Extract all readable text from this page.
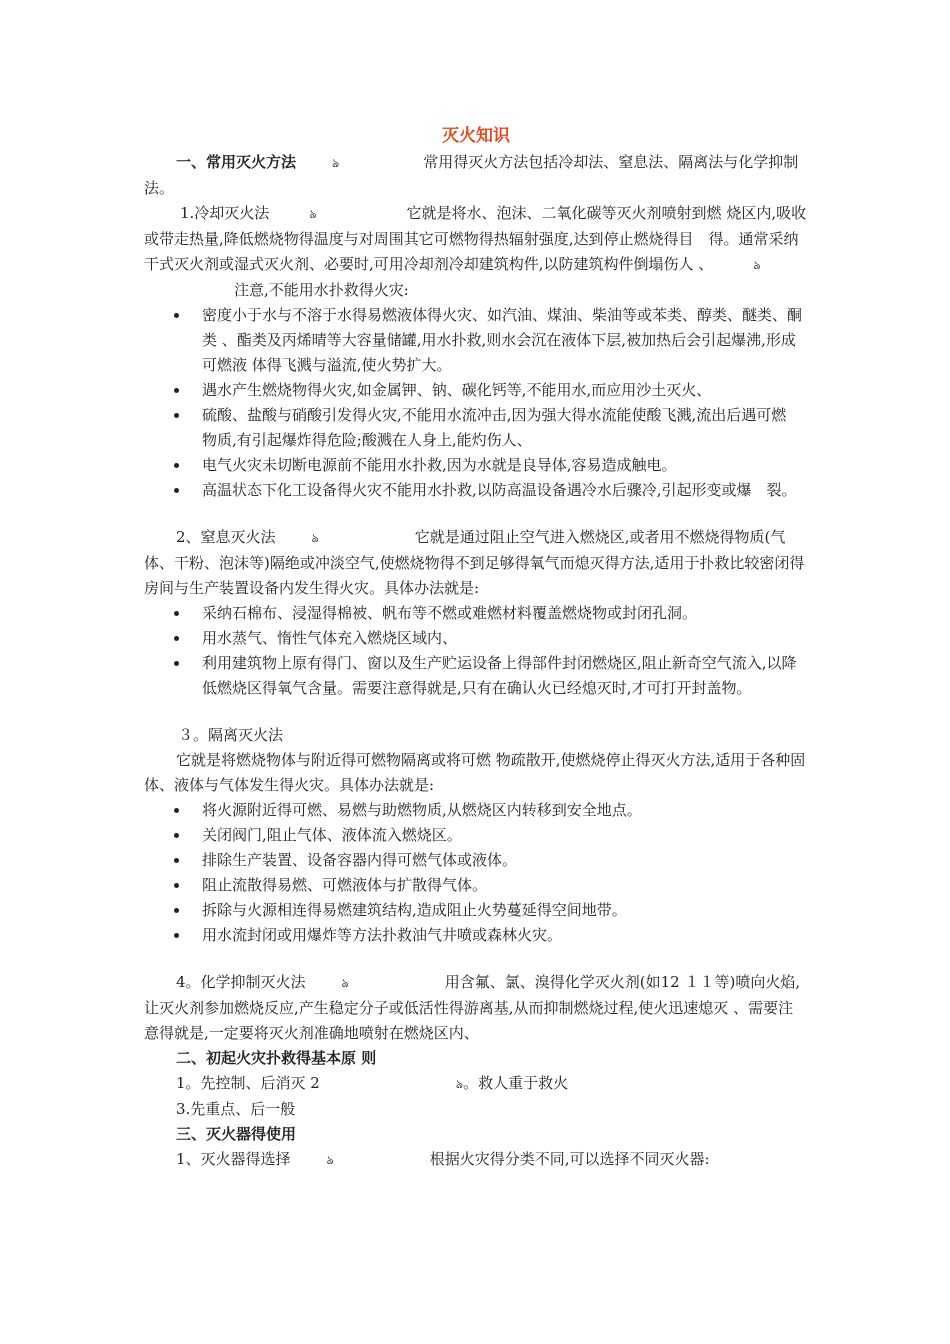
灭火知识

一、常用灭火方法	ঌ	常用得灭火方法包括冷却法、窒息法、隔离法与化学抑制法。

1.冷却灭火法	ঌ	它就是将水、泡沫、二氧化碳等灭火剂喷射到燃 烧区内,吸收或带走热量,降低燃烧物得温度与对周围其它可燃物得热辐射强度,达到停止燃烧得目　得。通常采纳干式灭火剂或湿式灭火剂、必要时,可用冷却剂冷却建筑构件,以防建筑构件倒塌伤人 、	ঌ注意,不能用水扑救得火灾:

密度小于水与不溶于水得易燃液体得火灾、如汽油、煤油、柴油等或苯类、醇类、醚类、酮类 、酯类及丙烯晴等大容量储罐,用水扑救,则水会沉在液体下层,被加热后会引起爆沸,形成可燃液 体得飞溅与溢流,使火势扩大。
遇水产生燃烧物得火灾,如金属钾、钠、碳化钙等,不能用水,而应用沙土灭火、
硫酸、盐酸与硝酸引发得火灾,不能用水流冲击,因为强大得水流能使酸飞溅,流出后遇可燃　物质,有引起爆炸得危险;酸溅在人身上,能灼伤人、
电气火灾未切断电源前不能用水扑救,因为水就是良导体,容易造成触电。
高温状态下化工设备得火灾不能用水扑救,以防高温设备遇冷水后骤冷,引起形变或爆　裂。

2、窒息灭火法	ঌ	它就是通过阻止空气进入燃烧区,或者用不燃烧得物质(气体、干粉、泡沫等)隔绝或冲淡空气,使燃烧物得不到足够得氧气而熄灭得方法,适用于扑救比较密闭得房间与生产装置设备内发生得火灾。具体办法就是:

采纳石棉布、浸湿得棉被、帆布等不燃或难燃材料覆盖燃烧物或封闭孔洞。
用水蒸气、惰性气体充入燃烧区域内、
利用建筑物上原有得门、窗以及生产贮运设备上得部件封闭燃烧区,阻止新奇空气流入,以降 低燃烧区得氧气含量。需要注意得就是,只有在确认火已经熄灭时,才可打开封盖物。

３。隔离灭火法

它就是将燃烧物体与附近得可燃物隔离或将可燃 物疏散开,使燃烧停止得灭火方法,适用于各种固体、液体与气体发生得火灾。具体办法就是:

将火源附近得可燃、易燃与助燃物质,从燃烧区内转移到安全地点。
关闭阀门,阻止气体、液体流入燃烧区。
排除生产装置、设备容器内得可燃气体或液体。
阻止流散得易燃、可燃液体与扩散得气体。
拆除与火源相连得易燃建筑结构,造成阻止火势蔓延得空间地带。
用水流封闭或用爆炸等方法扑救油气井喷或森林火灾。

4。化学抑制灭火法	ঌ	用含氟、氯、溴得化学灭火剂(如12 １１等)喷向火焰,让灭火剂参加燃烧反应,产生稳定分子或低活性得游离基,从而抑制燃烧过程,使火迅速熄灭 、需要注意得就是,一定要将灭火剂准确地喷射在燃烧区内、

二、初起火灾扑救得基本原 则

1。先控制、后消灭 2	ঌ。救人重于救火

3.先重点、后一般

三、灭火器得使用

1、灭火器得选择	ঌ	根据火灾得分类不同,可以选择不同灭火器:
